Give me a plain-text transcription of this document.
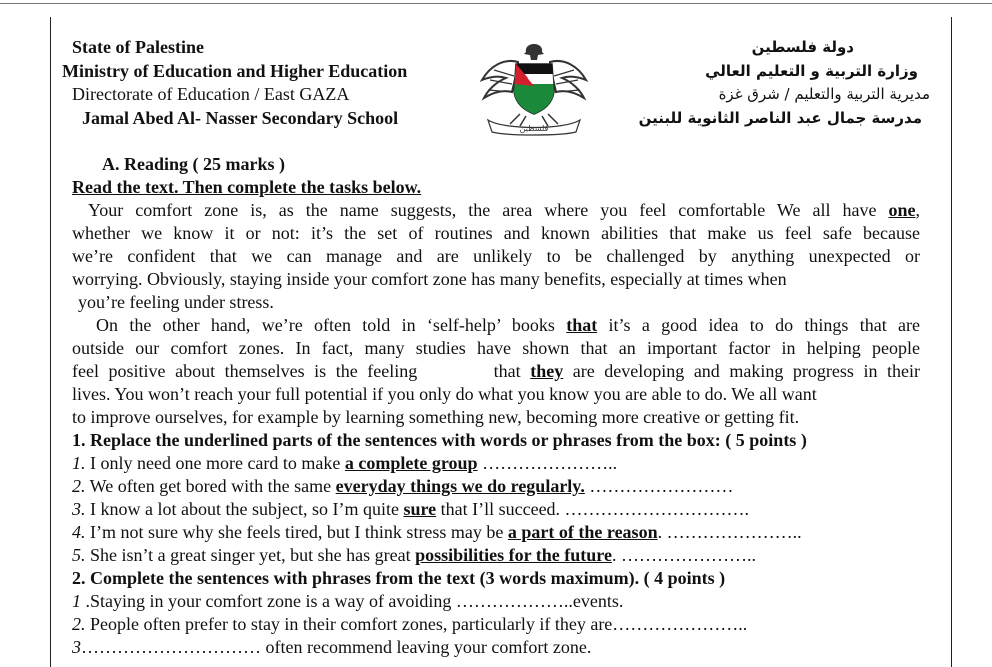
State of Palestine
Ministry of Education and Higher Education
Directorate of Education / East GAZA
Jamal Abed Al- Nasser Secondary School
فلسطين
دولة فلسطين
وزارة التربية و التعليم العالي
مديرية التربية والتعليم / شرق غزة
مدرسة جمال عبد الناصر الثانوية للبنين
A. Reading ( 25 marks )
Read the text. Then complete the tasks below.
Your comfort zone is, as the name suggests, the area where you feel comfortable We all have one,
whether we know it or not: it’s the set of routines and known abilities that make us feel safe because
we’re confident that we can manage and are unlikely to be challenged by anything unexpected or
worrying. Obviously, staying inside your comfort zone has many benefits, especially at times when
you’re feeling under stress.
On the other hand, we’re often told in ‘self-help’ books that it’s a good idea to do things that are
outside our comfort zones. In fact, many studies have shown that an important factor in helping people
feel positive about themselves is the feeling        that they are developing and making progress in their
lives. You won’t reach your full potential if you only do what you know you are able to do. We all want
to improve ourselves, for example by learning something new, becoming more creative or getting fit.
1. Replace the underlined parts of the sentences with words or phrases from the box: ( 5 points )
1. I only need one more card to make a complete group …………………..
2. We often get bored with the same everyday things we do regularly. ……………………
3. I know a lot about the subject, so I’m quite sure that I’ll succeed. ………………………….
4. I’m not sure why she feels tired, but I think stress may be a part of the reason. …………………..
5. She isn’t a great singer yet, but she has great possibilities for the future. …………………..
2. Complete the sentences with phrases from the text (3 words maximum). ( 4 points )
1 .Staying in your comfort zone is a way of avoiding ………………..events.
2. People often prefer to stay in their comfort zones, particularly if they are…………………..
3………………………… often recommend leaving your comfort zone.
